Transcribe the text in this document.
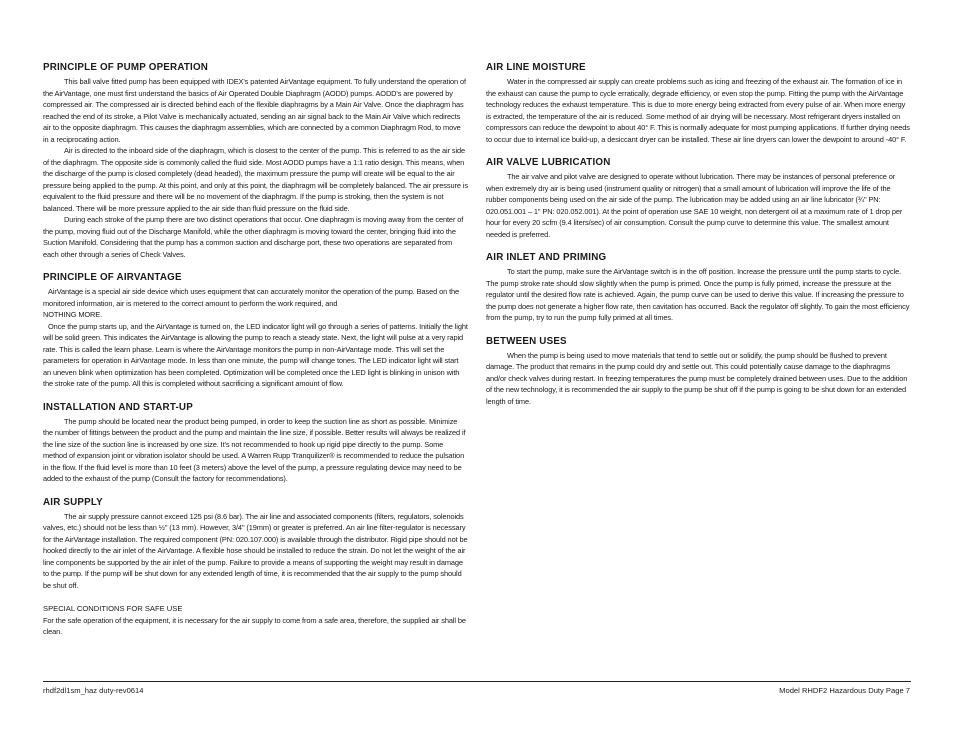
PRINCIPLE OF PUMP OPERATION

This ball valve fitted pump has been equipped with IDEX's patented AirVantage equipment. To fully understand the operation of the AirVantage, one must first understand the basics of Air Operated Double Diaphragm (AODD) pumps. AODD's are powered by compressed air. The compressed air is directed behind each of the flexible diaphragms by a Main Air Valve. Once the diaphragm has reached the end of its stroke, a Pilot Valve is mechanically actuated, sending an air signal back to the Main Air Valve which redirects air to the opposite diaphragm. This causes the diaphragm assemblies, which are connected by a common Diaphragm Rod, to move in a reciprocating action.

Air is directed to the inboard side of the diaphragm, which is closest to the center of the pump. This is referred to as the air side of the diaphragm. The opposite side is commonly called the fluid side. Most AODD pumps have a 1:1 ratio design. This means, when the discharge of the pump is closed completely (dead headed), the maximum pressure the pump will create will be equal to the air pressure being applied to the pump. At this point, and only at this point, the diaphragm will be completely balanced. The air pressure is equivalent to the fluid pressure and there will be no movement of the diaphragm. If the pump is stroking, then the system is not balanced. There will be more pressure applied to the air side than fluid pressure on the fluid side.

During each stroke of the pump there are two distinct operations that occur. One diaphragm is moving away from the center of the pump, moving fluid out of the Discharge Manifold, while the other diaphragm is moving toward the center, bringing fluid into the Suction Manifold. Considering that the pump has a common suction and discharge port, these two operations are separated from each other through a series of Check Valves.

PRINCIPLE OF AIRVANTAGE

AirVantage is a special air side device which uses equipment that can accurately monitor the operation of the pump. Based on the monitored information, air is metered to the correct amount to perform the work required, and

NOTHING MORE.

Once the pump starts up, and the AirVantage is turned on, the LED indicator light will go through a series of patterns. Initially the light will be solid green. This indicates the AirVantage is allowing the pump to reach a steady state. Next, the light will pulse at a very rapid rate. This is called the learn phase. Learn is where the AirVantage monitors the pump in non-AirVantage mode. This will set the parameters for operation in AirVantage mode. In less than one minute, the pump will change tones. The LED indicator light will start an uneven blink when optimization has been completed. Optimization will be completed once the LED light is blinking in unison with the stroke rate of the pump. All this is completed without sacrificing a significant amount of flow.

INSTALLATION AND START-UP

The pump should be located near the product being pumped, in order to keep the suction line as short as possible. Minimize the number of fittings between the product and the pump and maintain the line size, if possible. Better results will always be realized if the line size of the suction line is increased by one size. It's not recommended to hook up rigid pipe directly to the pump. Some method of expansion joint or vibration isolator should be used. A Warren Rupp Tranquilizer® is recommended to reduce the pulsation in the flow. If the fluid level is more than 10 feet (3 meters) above the level of the pump, a pressure regulating device may need to be added to the exhaust of the pump (Consult the factory for recommendations).

AIR SUPPLY

The air supply pressure cannot exceed 125 psi (8.6 bar). The air line and associated components (filters, regulators, solenoids valves, etc.) should not be less than ½" (13 mm). However, 3/4" (19mm) or greater is preferred. An air line filter-regulator is necessary for the AirVantage installation. The required component (PN: 020.107.000) is available through the distributor. Rigid pipe should not be hooked directly to the air inlet of the AirVantage. A flexible hose should be installed to reduce the strain. Do not let the weight of the air line components be supported by the air inlet of the pump. Failure to provide a means of supporting the weight may result in damage to the pump. If the pump will be shut down for any extended length of time, it is recommended that the air supply to the pump should be shut off.

SPECIAL CONDITIONS FOR SAFE USE

For the safe operation of the equipment, it is necessary for the air supply to come from a safe area, therefore, the supplied air shall be clean.

AIR LINE MOISTURE

Water in the compressed air supply can create problems such as icing and freezing of the exhaust air. The formation of ice in the exhaust can cause the pump to cycle erratically, degrade efficiency, or even stop the pump. Fitting the pump with the AirVantage technology reduces the exhaust temperature. This is due to more energy being extracted from every pulse of air. When more energy is extracted, the temperature of the air is reduced. Some method of air drying will be necessary. Most refrigerant dryers installed on compressors can reduce the dewpoint to about 40° F. This is normally adequate for most pumping applications. If further drying needs to occur due to internal ice build-up, a desiccant dryer can be installed. These air line dryers can lower the dewpoint to around -40° F.

AIR VALVE LUBRICATION

The air valve and pilot valve are designed to operate without lubrication. There may be instances of personal preference or when extremely dry air is being used (instrument quality or nitrogen) that a small amount of lubrication will improve the life of the rubber components being used on the air side of the pump. The lubrication may be added using an air line lubricator (¾" PN: 020.051.001 – 1" PN: 020.052.001). At the point of operation use SAE 10 weight, non detergent oil at a maximum rate of 1 drop per hour for every 20 scfm (9.4 liters/sec) of air consumption. Consult the pump curve to determine this value. The smallest amount needed is preferred.

AIR INLET AND PRIMING

To start the pump, make sure the AirVantage switch is in the off position. Increase the pressure until the pump starts to cycle. The pump stroke rate should slow slightly when the pump is primed. Once the pump is fully primed, increase the pressure at the regulator until the desired flow rate is achieved. Again, the pump curve can be used to derive this value. If increasing the pressure to the pump does not generate a higher flow rate, then cavitation has occurred. Back the regulator off slightly. To gain the most efficiency from the pump, try to run the pump fully primed at all times.

BETWEEN USES

When the pump is being used to move materials that tend to settle out or solidify, the pump should be flushed to prevent damage. The product that remains in the pump could dry and settle out. This could potentially cause damage to the diaphragms and/or check valves during restart. In freezing temperatures the pump must be completely drained between uses. Due to the addition of the new technology, it is recommended the air supply to the pump be shut off if the pump is going to be shut down for an extended length of time.

rhdf2dl1sm_haz duty-rev0614	Model RHDF2 Hazardous Duty Page 7
